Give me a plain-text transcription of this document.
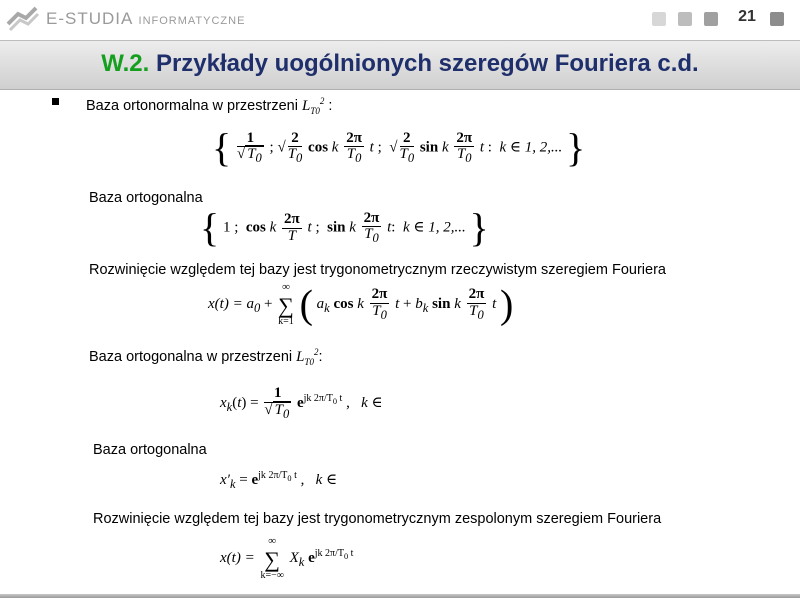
E-STUDIA INFORMATYCZNE	21
W.2. Przykłady uogólnionych szeregów Fouriera c.d.
Baza ortonormalna w przestrzeni $L_{T0}^2$ :
{ $\frac{1}{√ T_0}$ ; √ $\frac{2}{T_0}$ cos k $\frac{2\pi}{T_0}$ t ;  √ $\frac{2}{T_0}$ sin k $\frac{2\pi}{T_0}$ t :  k ∈ 1, 2,... }
Baza ortogonalna
{ 1 ; cos k $\frac{2\pi}{T}$ t ;  sin k $\frac{2\pi}{T_0} t$:  k ∈ 1, 2,... }
Rozwinięcie względem tej bazy jest trygonometrycznym rzeczywistym szeregiem Fouriera
$x(t) = a_0$ +
∞
∑
k=1 ( $a_k$ cos k $\frac{2\pi}{T_0}$ $t + b_k$ sin k $\frac{2\pi}{T_0}$ t )
Baza ortogonalna w przestrzeni $L_{T0}^2$:
$x_k(t) = \frac{1}{√ T_0} e^{jk 2\pi/T_0 t}$ ,   k ∈ ⃞
Baza ortogonalna
$x'_k = e^{jk 2\pi/T_0 t}$ ,   k ∈ ⃞
Rozwinięcie względem tej bazy jest trygonometrycznym zespolonym szeregiem Fouriera
x(t) =
∞
∑
k=−∞
$X_k$ $e^{jk 2\pi/T_0 t}$
